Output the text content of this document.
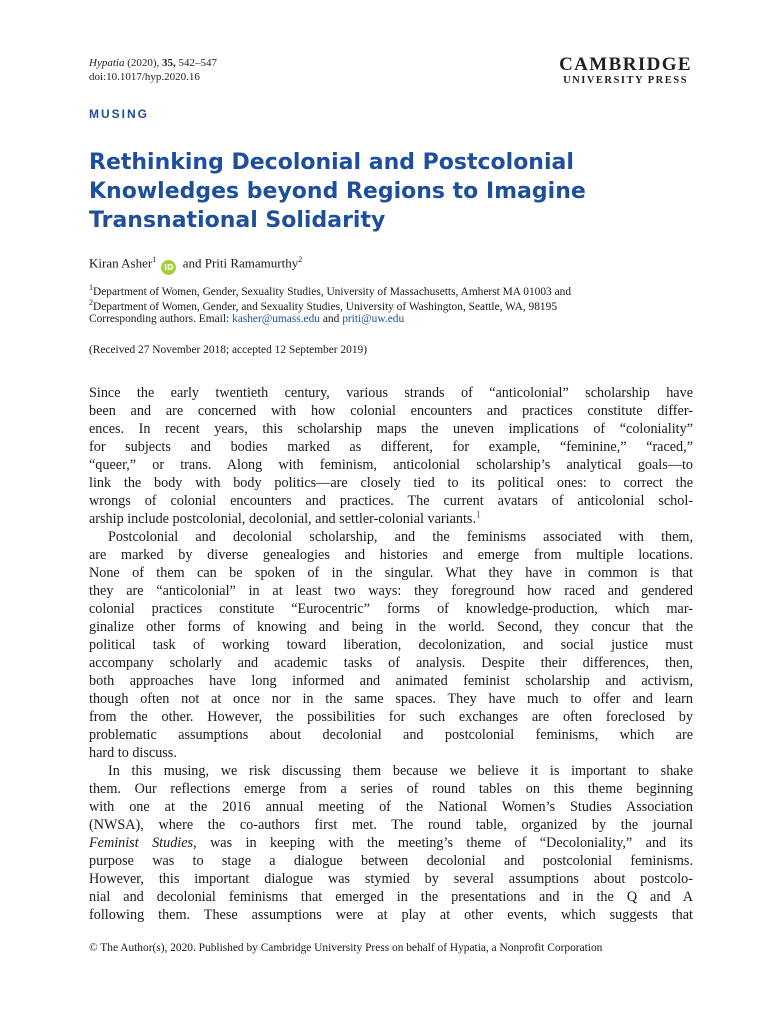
Hypatia (2020), 35, 542–547
doi:10.1017/hyp.2020.16
CAMBRIDGE
UNIVERSITY PRESS
MUSING
Rethinking Decolonial and Postcolonial
Knowledges beyond Regions to Imagine
Transnational Solidarity
Kiran Asher$^1$ iD and Priti Ramamurthy$^2$
$^1$Department of Women, Gender, Sexuality Studies, University of Massachusetts, Amherst MA 01003 and
$^2$Department of Women, Gender, and Sexuality Studies, University of Washington, Seattle, WA, 98195
Corresponding authors. Email: kasher@umass.edu and priti@uw.edu
(Received 27 November 2018; accepted 12 September 2019)
Since the early twentieth century, various strands of “anticolonial” scholarship have
been and are concerned with how colonial encounters and practices constitute differ-
ences. In recent years, this scholarship maps the uneven implications of “coloniality”
for subjects and bodies marked as different, for example, “feminine,” “raced,”
“queer,” or trans. Along with feminism, anticolonial scholarship’s analytical goals—to
link the body with body politics—are closely tied to its political ones: to correct the
wrongs of colonial encounters and practices. The current avatars of anticolonial schol-
arship include postcolonial, decolonial, and settler-colonial variants.$^1$
Postcolonial and decolonial scholarship, and the feminisms associated with them,
are marked by diverse genealogies and histories and emerge from multiple locations.
None of them can be spoken of in the singular. What they have in common is that
they are “anticolonial” in at least two ways: they foreground how raced and gendered
colonial practices constitute “Eurocentric” forms of knowledge-production, which mar-
ginalize other forms of knowing and being in the world. Second, they concur that the
political task of working toward liberation, decolonization, and social justice must
accompany scholarly and academic tasks of analysis. Despite their differences, then,
both approaches have long informed and animated feminist scholarship and activism,
though often not at once nor in the same spaces. They have much to offer and learn
from the other. However, the possibilities for such exchanges are often foreclosed by
problematic assumptions about decolonial and postcolonial feminisms, which are
hard to discuss.
In this musing, we risk discussing them because we believe it is important to shake
them. Our reflections emerge from a series of round tables on this theme beginning
with one at the 2016 annual meeting of the National Women’s Studies Association
(NWSA), where the co-authors first met. The round table, organized by the journal
Feminist Studies, was in keeping with the meeting’s theme of “Decoloniality,” and its
purpose was to stage a dialogue between decolonial and postcolonial feminisms.
However, this important dialogue was stymied by several assumptions about postcolo-
nial and decolonial feminisms that emerged in the presentations and in the Q and A
following them. These assumptions were at play at other events, which suggests that
© The Author(s), 2020. Published by Cambridge University Press on behalf of Hypatia, a Nonprofit Corporation
